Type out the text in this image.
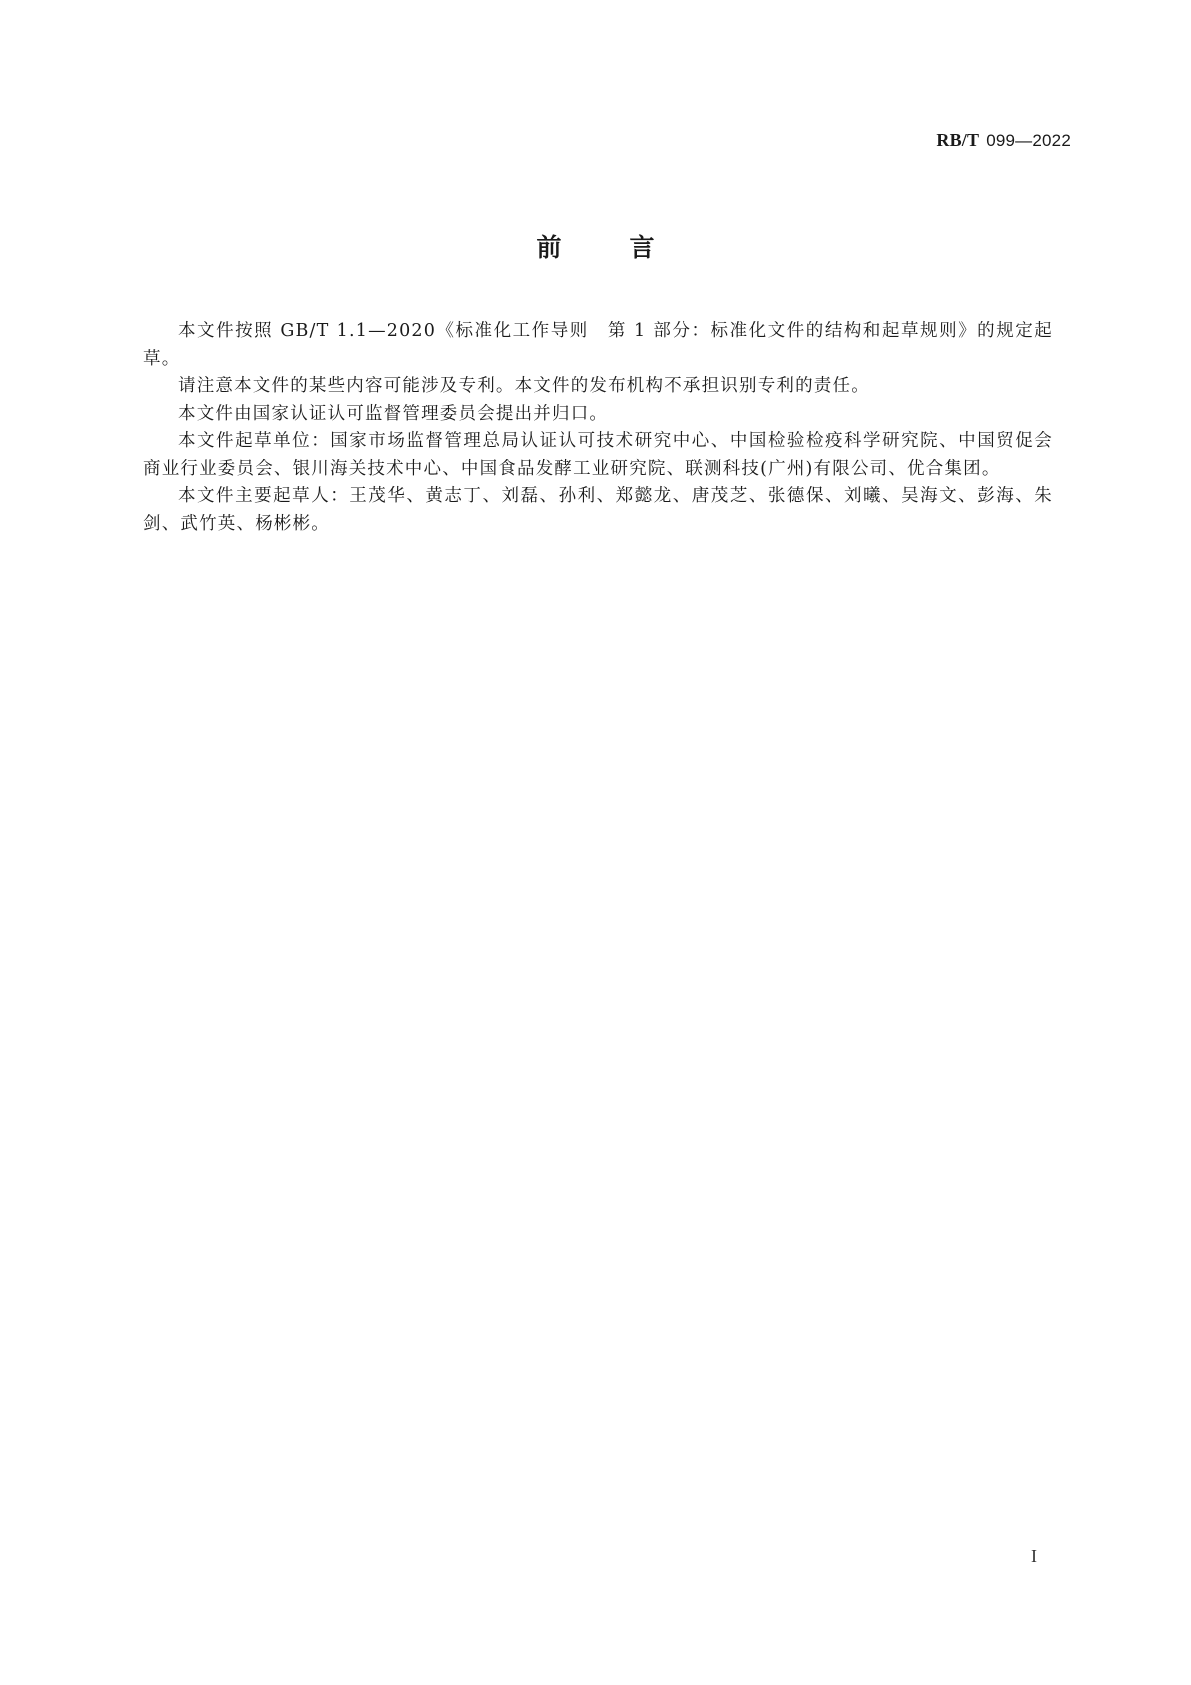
RB/T 099—2022
前	言

本文件按照 GB/T 1.1—2020《标准化工作导则　第 1 部分：标准化文件的结构和起草规则》的规定起草。

请注意本文件的某些内容可能涉及专利。本文件的发布机构不承担识别专利的责任。

本文件由国家认证认可监督管理委员会提出并归口。

本文件起草单位：国家市场监督管理总局认证认可技术研究中心、中国检验检疫科学研究院、中国贸促会商业行业委员会、银川海关技术中心、中国食品发酵工业研究院、联测科技(广州)有限公司、优合集团。

本文件主要起草人：王茂华、黄志丁、刘磊、孙利、郑懿龙、唐茂芝、张德保、刘曦、吴海文、彭海、朱剑、武竹英、杨彬彬。

I
